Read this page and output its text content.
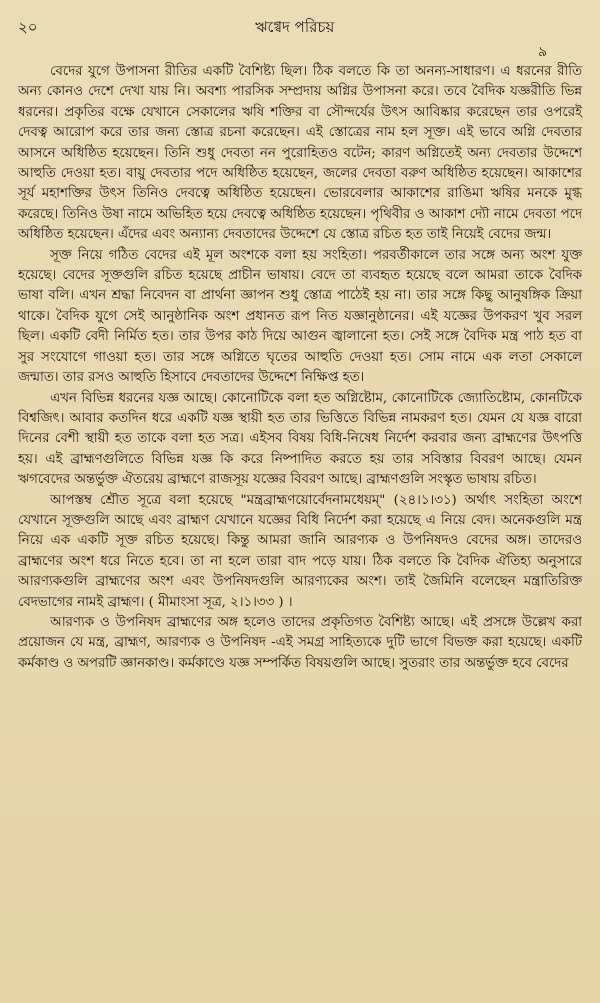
২০	ঋগ্বেদ পরিচয়
৯

বেদের যুগে উপাসনা রীতির একটি বৈশিষ্ট্য ছিল। ঠিক বলতে কি তা অনন্য-সাধারণ। এ ধরনের রীতি অন্য কোনও দেশে দেখা যায় নি। অবশ্য পারসিক সম্প্রদায় অগ্নির উপাসনা করে। তবে বৈদিক যজ্ঞরীতি ভিন্ন ধরনের। প্রকৃতির বক্ষে যেখানে সেকালের ঋষি শক্তির বা সৌন্দর্যের উৎস আবিষ্কার করেছেন তার ওপরেই দেবত্ব আরোপ করে তার জন্য স্তোত্র রচনা করেছেন। এই স্তোত্রের নাম হল সূক্ত। এই ভাবে অগ্নি দেবতার আসনে অধিষ্ঠিত হয়েছেন। তিনি শুধু দেবতা নন পুরোহিতও বটেন; কারণ অগ্নিতেই অন্য দেবতার উদ্দেশে আহুতি দেওয়া হত। বায়ু দেবতার পদে অধিষ্ঠিত হয়েছেন, জলের দেবতা বরুণ অধিষ্ঠিত হয়েছেন। আকাশের সূর্য মহাশক্তির উৎস তিনিও দেবত্বে অধিষ্ঠিত হয়েছেন। ভোরবেলার আকাশের রাঙিমা ঋষির মনকে মুগ্ধ করেছে। তিনিও উষা নামে অভিহিত হয়ে দেবত্বে অধিষ্ঠিত হয়েছেন। পৃথিবীর ও আকাশ দ্যৌ নামে দেবতা পদে অধিষ্ঠিত হয়েছেন। এঁদের এবং অন্যান্য দেবতাদের উদ্দেশে যে স্তোত্র রচিত হত তাই নিয়েই বেদের জন্ম।

সূক্ত নিয়ে গঠিত বেদের এই মূল অংশকে বলা হয় সংহিতা। পরবর্তীকালে তার সঙ্গে অন্য অংশ যুক্ত হয়েছে। বেদের সূক্তগুলি রচিত হয়েছে প্রাচীন ভাষায়। বেদে তা ব্যবহৃত হয়েছে বলে আমরা তাকে বৈদিক ভাষা বলি। এখন শ্রদ্ধা নিবেদন বা প্রার্থনা জ্ঞাপন শুধু স্তোত্র পাঠেই হয় না। তার সঙ্গে কিছু আনুষঙ্গিক ক্রিয়া থাকে। বৈদিক যুগে সেই আনুষ্ঠানিক অংশ প্রধানত রূপ নিত যজ্ঞানুষ্ঠানের। এই যজ্ঞের উপকরণ খুব সরল ছিল। একটি বেদী নির্মিত হত। তার উপর কাঠ দিয়ে আগুন জ্বালানো হত। সেই সঙ্গে বৈদিক মন্ত্র পাঠ হত বা সুর সংযোগে গাওয়া হত। তার সঙ্গে অগ্নিতে ঘৃতের আহুতি দেওয়া হত। সোম নামে এক লতা সেকালে জন্মাত। তার রসও আহুতি হিসাবে দেবতাদের উদ্দেশে নিক্ষিপ্ত হত।

এখন বিভিন্ন ধরনের যজ্ঞ আছে। কোনোটিকে বলা হত অগ্নিষ্টোম, কোনোটিকে জ্যোতিষ্টোম, কোনটিকে বিশ্বজিৎ। আবার কতদিন ধরে একটি যজ্ঞ স্থায়ী হত তার ভিত্তিতে বিভিন্ন নামকরণ হত। যেমন যে যজ্ঞ বারো দিনের বেশী স্থায়ী হত তাকে বলা হত সত্র। এইসব বিষয় বিধি-নিষেধ নির্দেশ করবার জন্য ব্রাহ্মণের উৎপত্তি হয়। এই ব্রাহ্মণগুলিতে বিভিন্ন যজ্ঞ কি করে নিষ্পাদিত করতে হয় তার সবিস্তার বিবরণ আছে। যেমন ঋগবেদের অন্তর্ভুক্ত ঐতরেয় ব্রাহ্মণে রাজসূয় যজ্ঞের বিবরণ আছে। ব্রাহ্মণগুলি সংস্কৃত ভাষায় রচিত।

আপস্তম্ব শ্রৌত সূত্রে বলা হয়েছে "মন্ত্রব্রাহ্মণয়োর্বেদনামধেয়ম্" (২৪।১।৩১) অর্থাৎ সংহিতা অংশে যেখানে সূক্তগুলি আছে এবং ব্রাহ্মণ যেখানে যজ্ঞের বিধি নির্দেশ করা হয়েছে এ নিয়ে বেদ। অনেকগুলি মন্ত্র নিয়ে এক একটি সূক্ত রচিত হয়েছে। কিন্তু আমরা জানি আরণ্যক ও উপনিষদও বেদের অঙ্গ। তাদেরও ব্রাহ্মণের অংশ ধরে নিতে হবে। তা না হলে তারা বাদ পড়ে যায়। ঠিক বলতে কি বৈদিক ঐতিহ্য অনুসারে আরণ্যকগুলি ব্রাহ্মণের অংশ এবং উপনিষদগুলি আরণ্যকের অংশ। তাই জৈমিনি বলেছেন মন্ত্রাতিরিক্ত বেদভাগের নামই ব্রাহ্মণ। ( মীমাংসা সূত্র, ২।১।৩৩ ) ।

আরণ্যক ও উপনিষদ ব্রাহ্মণের অঙ্গ হলেও তাদের প্রকৃতিগত বৈশিষ্ট্য আছে। এই প্রসঙ্গে উল্লেখ করা প্রয়োজন যে মন্ত্র, ব্রাহ্মণ, আরণ্যক ও উপনিষদ -এই সমগ্র সাহিত্যকে দুটি ভাগে বিভক্ত করা হয়েছে। একটি কর্মকাণ্ড ও অপরটি জ্ঞানকাণ্ড। কর্মকাণ্ডে যজ্ঞ সম্পর্কিত বিষয়গুলি আছে। সুতরাং তার অন্তর্ভুক্ত হবে বেদের
